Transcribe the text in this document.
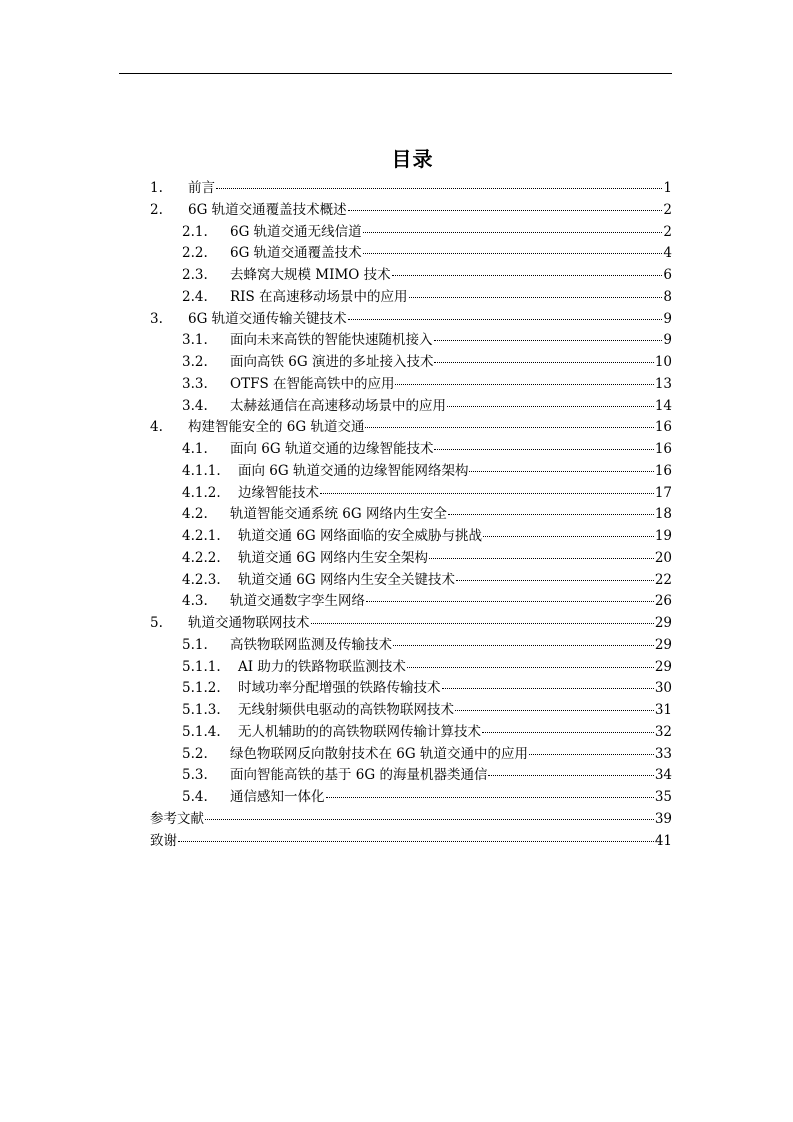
目录
1.	前言	1
2.	6G 轨道交通覆盖技术概述	2
2.1.	6G 轨道交通无线信道	2
2.2.	6G 轨道交通覆盖技术	4
2.3.	去蜂窝大规模 MIMO 技术	6
2.4.	RIS 在高速移动场景中的应用	8
3.	6G 轨道交通传输关键技术	9
3.1.	面向未来高铁的智能快速随机接入	9
3.2.	面向高铁 6G 演进的多址接入技术	10
3.3.	OTFS 在智能高铁中的应用	13
3.4.	太赫兹通信在高速移动场景中的应用	14
4.	构建智能安全的 6G 轨道交通	16
4.1.	面向 6G 轨道交通的边缘智能技术	16
4.1.1.	面向 6G 轨道交通的边缘智能网络架构	16
4.1.2.	边缘智能技术	17
4.2.	轨道智能交通系统 6G 网络内生安全	18
4.2.1.	轨道交通 6G 网络面临的安全威胁与挑战	19
4.2.2.	轨道交通 6G 网络内生安全架构	20
4.2.3.	轨道交通 6G 网络内生安全关键技术	22
4.3.	轨道交通数字孪生网络	26
5.	轨道交通物联网技术	29
5.1.	高铁物联网监测及传输技术	29
5.1.1.	AI 助力的铁路物联监测技术	29
5.1.2.	时域功率分配增强的铁路传输技术	30
5.1.3.	无线射频供电驱动的高铁物联网技术	31
5.1.4.	无人机辅助的的高铁物联网传输计算技术	32
5.2.	绿色物联网反向散射技术在 6G 轨道交通中的应用	33
5.3.	面向智能高铁的基于 6G 的海量机器类通信	34
5.4.	通信感知一体化	35
参考文献	39
致谢	41
